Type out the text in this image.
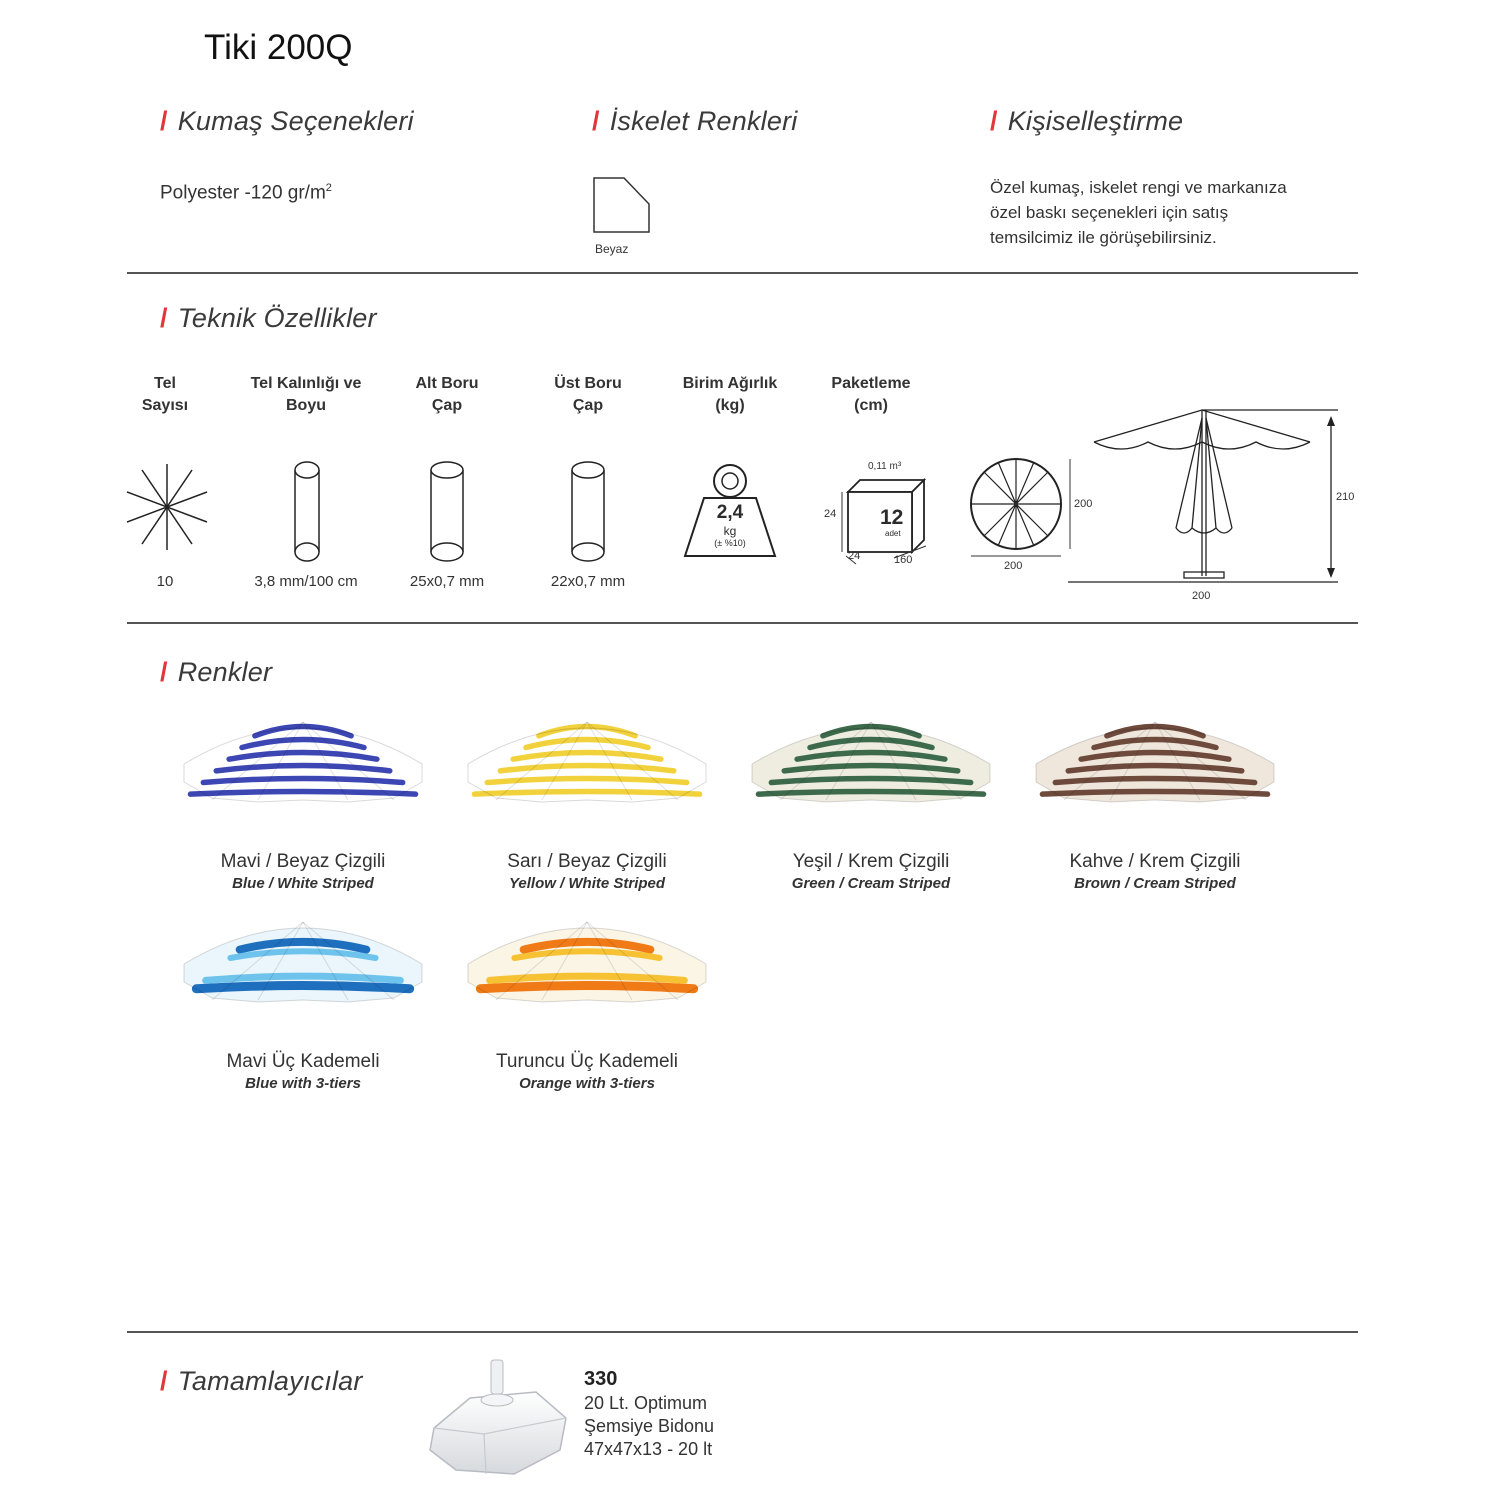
Tiki 200Q
/ Kumaş Seçenekleri	/ İskelet Renkleri	/ Kişiselleştirme
Polyester -120 $gr/m^2$
Beyaz
Özel kumaş, iskelet rengi ve markanıza
özel baskı seçenekleri için satış
temsilcimiz ile görüşebilirsiniz.
/ Teknik Özellikler
Tel
Sayısı
Tel Kalınlığı ve
Boyu
Alt Boru
Çap
Üst Boru
Çap
Birim Ağırlık
(kg)
Paketleme
(cm)
2,4
kg
(± %10)
0,11 m³
12
adet
24
24	160
10	3,8 mm/100 cm	25x0,7 mm	22x0,7 mm
200
200
210
200
/ Renkler
Mavi / Beyaz Çizgili
Blue / White Striped
Sarı / Beyaz Çizgili
Yellow / White Striped
Yeşil / Krem Çizgili
Green / Cream Striped
Kahve / Krem Çizgili
Brown / Cream Striped
Mavi Üç Kademeli
Blue with 3-tiers
Turuncu Üç Kademeli
Orange with 3-tiers
/ Tamamlayıcılar	330
20 Lt. Optimum
Şemsiye Bidonu
47x47x13 - 20 lt
